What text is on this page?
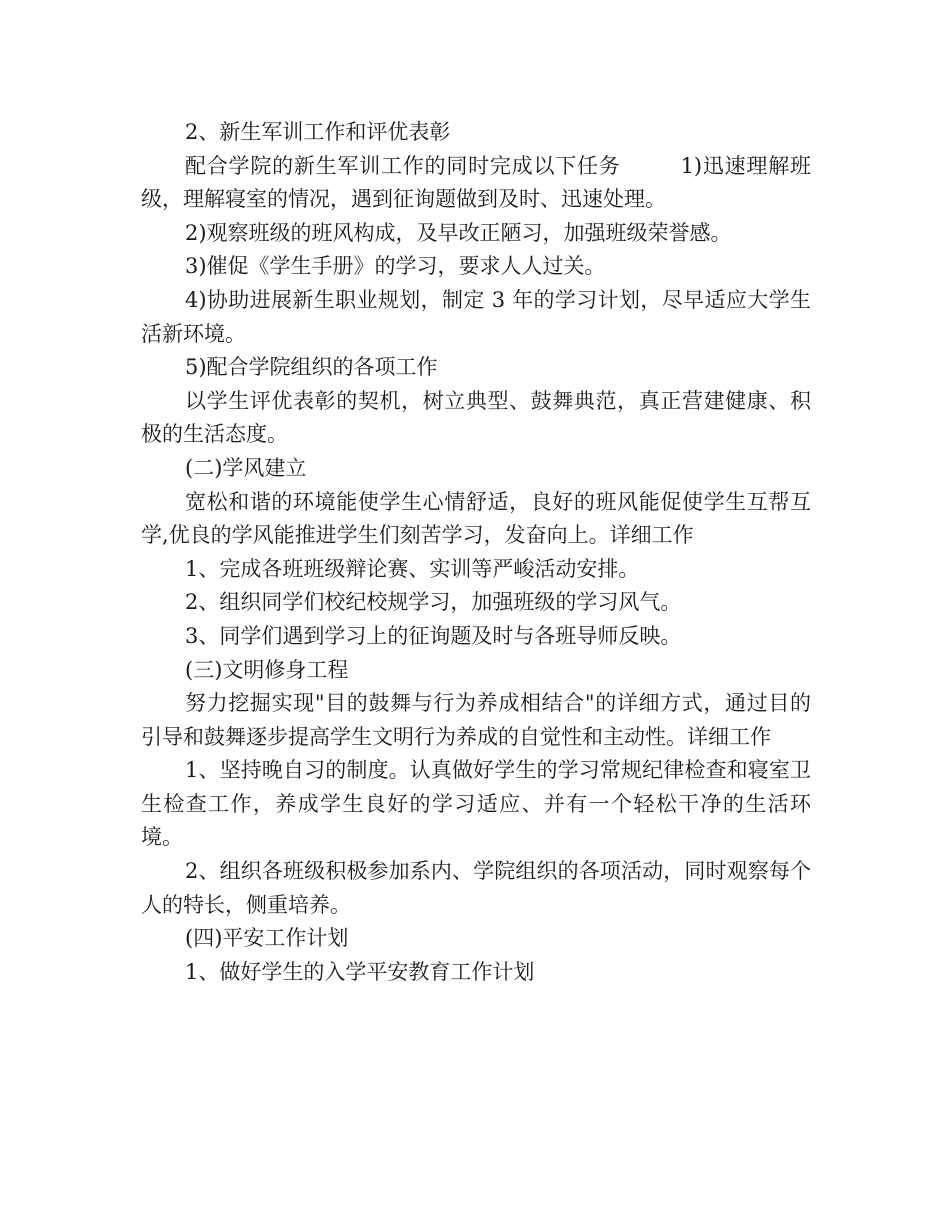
2、新生军训工作和评优表彰

配合学院的新生军训工作的同时完成以下任务	1)迅速理解班级，理解寝室的情况，遇到征询题做到及时、迅速处理。

2)观察班级的班风构成，及早改正陋习，加强班级荣誉感。

3)催促《学生手册》的学习，要求人人过关。

4)协助进展新生职业规划，制定 3 年的学习计划，尽早适应大学生活新环境。

5)配合学院组织的各项工作

以学生评优表彰的契机，树立典型、鼓舞典范，真正营建健康、积极的生活态度。

(二)学风建立

宽松和谐的环境能使学生心情舒适，良好的班风能促使学生互帮互学,优良的学风能推进学生们刻苦学习，发奋向上。详细工作

1、完成各班班级辩论赛、实训等严峻活动安排。

2、组织同学们校纪校规学习，加强班级的学习风气。

3、同学们遇到学习上的征询题及时与各班导师反映。

(三)文明修身工程

努力挖掘实现"目的鼓舞与行为养成相结合"的详细方式，通过目的引导和鼓舞逐步提高学生文明行为养成的自觉性和主动性。详细工作

1、坚持晚自习的制度。认真做好学生的学习常规纪律检查和寝室卫生检查工作，养成学生良好的学习适应、并有一个轻松干净的生活环境。

2、组织各班级积极参加系内、学院组织的各项活动，同时观察每个人的特长，侧重培养。

(四)平安工作计划

1、做好学生的入学平安教育工作计划
